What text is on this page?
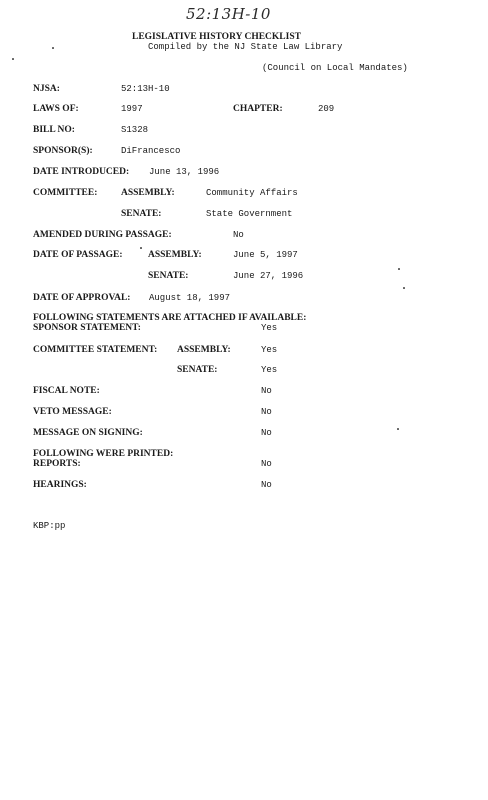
52:13H-10
LEGISLATIVE HISTORY CHECKLIST
Compiled by the NJ State Law Library
(Council on Local Mandates)
NJSA:	52:13H-10
LAWS OF:	1997	CHAPTER:	209
BILL NO:	S1328
SPONSOR(S):	DiFrancesco
DATE INTRODUCED: June 13, 1996
COMMITTEE: ASSEMBLY:	Community Affairs
SENATE:	State Government
AMENDED DURING PASSAGE:	No
DATE OF PASSAGE:	ASSEMBLY:	June 5, 1997
SENATE:	June 27, 1996
DATE OF APPROVAL: August 18, 1997
FOLLOWING STATEMENTS ARE ATTACHED IF AVAILABLE:
SPONSOR STATEMENT:	Yes
COMMITTEE STATEMENT: ASSEMBLY:	Yes
SENATE:	Yes
FISCAL NOTE:	No
VETO MESSAGE:	No
MESSAGE ON SIGNING:	No
FOLLOWING WERE PRINTED:
REPORTS:	No
HEARINGS:	No
KBP:pp
